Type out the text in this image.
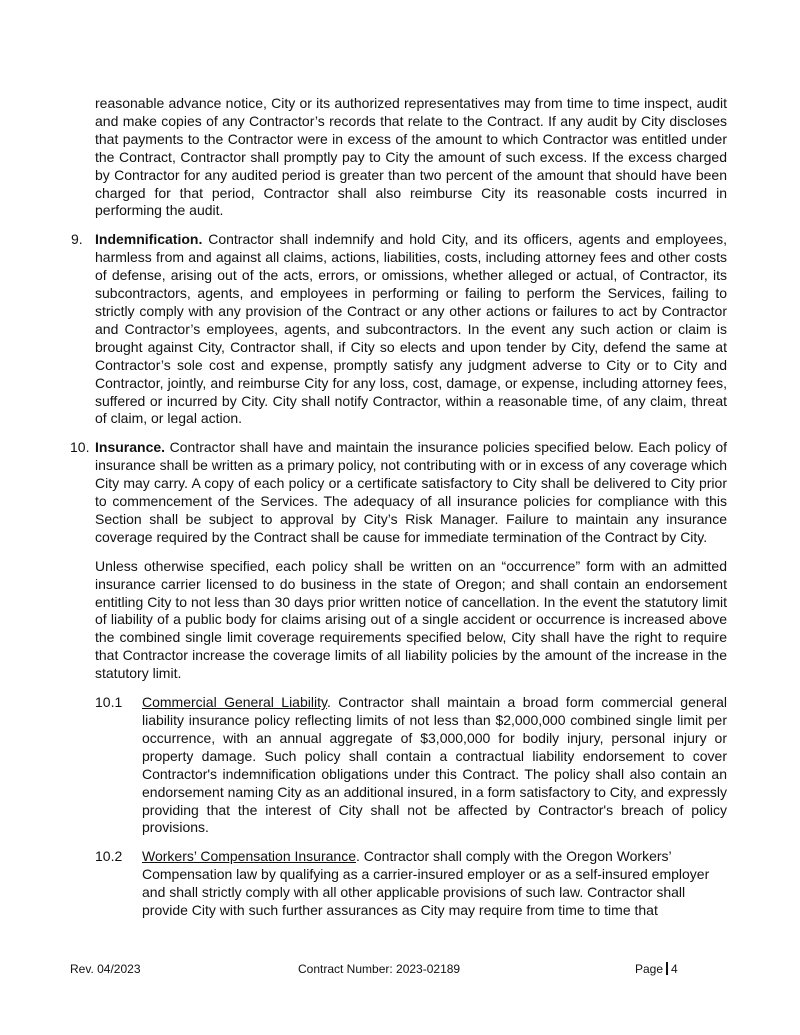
reasonable advance notice, City or its authorized representatives may from time to time inspect, audit and make copies of any Contractor’s records that relate to the Contract. If any audit by City discloses that payments to the Contractor were in excess of the amount to which Contractor was entitled under the Contract, Contractor shall promptly pay to City the amount of such excess. If the excess charged by Contractor for any audited period is greater than two percent of the amount that should have been charged for that period, Contractor shall also reimburse City its reasonable costs incurred in performing the audit.

9. Indemnification. Contractor shall indemnify and hold City, and its officers, agents and employees, harmless from and against all claims, actions, liabilities, costs, including attorney fees and other costs of defense, arising out of the acts, errors, or omissions, whether alleged or actual, of Contractor, its subcontractors, agents, and employees in performing or failing to perform the Services, failing to strictly comply with any provision of the Contract or any other actions or failures to act by Contractor and Contractor’s employees, agents, and subcontractors. In the event any such action or claim is brought against City, Contractor shall, if City so elects and upon tender by City, defend the same at Contractor’s sole cost and expense, promptly satisfy any judgment adverse to City or to City and Contractor, jointly, and reimburse City for any loss, cost, damage, or expense, including attorney fees, suffered or incurred by City. City shall notify Contractor, within a reasonable time, of any claim, threat of claim, or legal action.

10. Insurance. Contractor shall have and maintain the insurance policies specified below. Each policy of insurance shall be written as a primary policy, not contributing with or in excess of any coverage which City may carry. A copy of each policy or a certificate satisfactory to City shall be delivered to City prior to commencement of the Services. The adequacy of all insurance policies for compliance with this Section shall be subject to approval by City’s Risk Manager. Failure to maintain any insurance coverage required by the Contract shall be cause for immediate termination of the Contract by City.

Unless otherwise specified, each policy shall be written on an “occurrence” form with an admitted insurance carrier licensed to do business in the state of Oregon; and shall contain an endorsement entitling City to not less than 30 days prior written notice of cancellation. In the event the statutory limit of liability of a public body for claims arising out of a single accident or occurrence is increased above the combined single limit coverage requirements specified below, City shall have the right to require that Contractor increase the coverage limits of all liability policies by the amount of the increase in the statutory limit.

10.1 Commercial General Liability. Contractor shall maintain a broad form commercial general liability insurance policy reflecting limits of not less than $2,000,000 combined single limit per occurrence, with an annual aggregate of $3,000,000 for bodily injury, personal injury or property damage. Such policy shall contain a contractual liability endorsement to cover Contractor's indemnification obligations under this Contract. The policy shall also contain an endorsement naming City as an additional insured, in a form satisfactory to City, and expressly providing that the interest of City shall not be affected by Contractor's breach of policy provisions.

10.2 Workers’ Compensation Insurance. Contractor shall comply with the Oregon Workers’ Compensation law by qualifying as a carrier-insured employer or as a self-insured employer and shall strictly comply with all other applicable provisions of such law. Contractor shall provide City with such further assurances as City may require from time to time that

Rev. 04/2023	Contract Number: 2023-02189	Page 4
